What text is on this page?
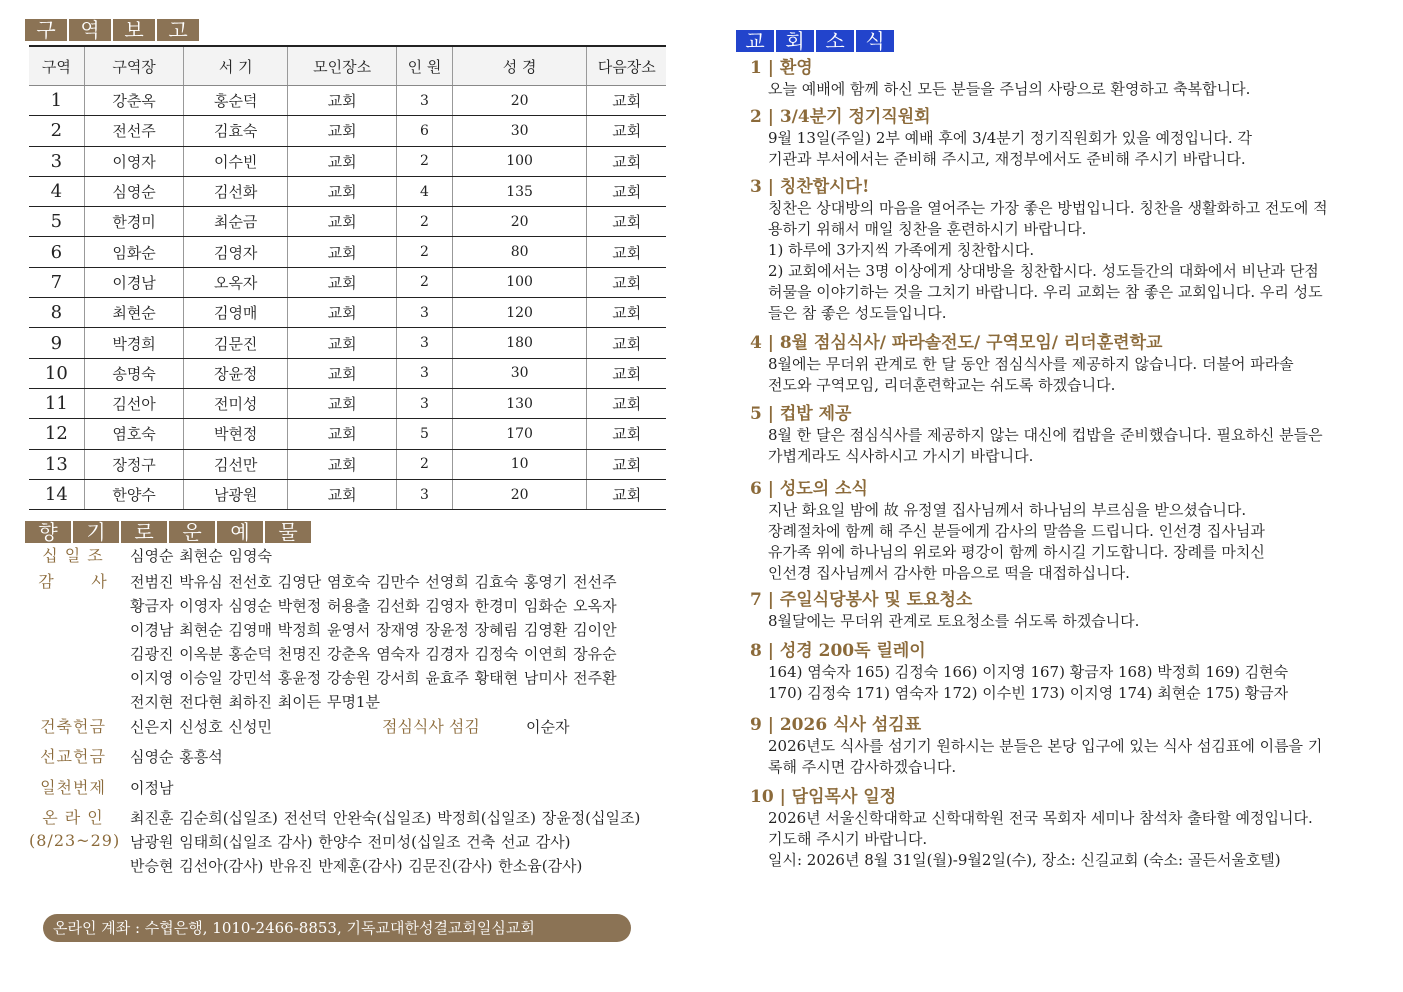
구	역	보	고
구역	구역장	서 기	모인장소	인 원	성 경	다음장소
1	강춘옥	홍순덕	교회	3	20	교회
2	전선주	김효숙	교회	6	30	교회
3	이영자	이수빈	교회	2	100	교회
4	심영순	김선화	교회	4	135	교회
5	한경미	최순금	교회	2	20	교회
6	임화순	김영자	교회	2	80	교회
7	이경남	오옥자	교회	2	100	교회
8	최현순	김영매	교회	3	120	교회
9	박경희	김문진	교회	3	180	교회
10	송명숙	장윤정	교회	3	30	교회
11	김선아	전미성	교회	3	130	교회
12	염호숙	박현정	교회	5	170	교회
13	장정구	김선만	교회	2	10	교회
14	한양수	남광원	교회	3	20	교회
향	기	로	운	예	물
십 일 조	심영순 최현순 임영숙
감      사	전범진 박유심 전선호 김영단 염호숙 김만수 선영희 김효숙 홍영기 전선주
황금자 이영자 심영순 박현정 허용출 김선화 김영자 한경미 임화순 오옥자
이경남 최현순 김영매 박정희 윤영서 장재영 장윤정 장혜림 김영환 김이안
김광진 이옥분 홍순덕 천명진 강춘옥 염숙자 김경자 김정숙 이연희 장유순
이지영 이승일 강민석 홍윤정 강송원 강서희 윤효주 황태현 남미사 전주환
전지현 전다현 최하진 최이든 무명1분
건축헌금	신은지 신성호 신성민	점심식사 섬김	이순자
선교헌금	심영순 홍흥석
일천번제	이정남
온 라 인
(8/23~29)
최진훈 김순희(십일조) 전선덕 안완숙(십일조) 박정희(십일조) 장윤정(십일조)
남광원 임태희(십일조 감사) 한양수 전미성(십일조 건축 선교 감사)
반승현 김선아(감사) 반유진 반제훈(감사) 김문진(감사) 한소윰(감사)
온라인 계좌 : 수협은행, 1010-2466-8853, 기독교대한성결교회일심교회
교	회	소	식
1 | 환영

오늘 예배에 함께 하신 모든 분들을 주님의 사랑으로 환영하고 축복합니다.

2 | 3/4분기 정기직원회

9월 13일(주일) 2부 예배 후에 3/4분기 정기직원회가 있을 예정입니다. 각

기관과 부서에서는 준비해 주시고, 재정부에서도 준비해 주시기 바랍니다.

3 | 칭찬합시다!

칭찬은 상대방의 마음을 열어주는 가장 좋은 방법입니다. 칭찬을 생활화하고 전도에 적

용하기 위해서 매일 칭찬을 훈련하시기 바랍니다.

1) 하루에 3가지씩 가족에게 칭찬합시다.

2) 교회에서는 3명 이상에게 상대방을 칭찬합시다. 성도들간의 대화에서 비난과 단점

허물을 이야기하는 것을 그치기 바랍니다. 우리 교회는 참 좋은 교회입니다. 우리 성도

들은 참 좋은 성도들입니다.

4 | 8월 점심식사/ 파라솔전도/ 구역모임/ 리더훈련학교

8월에는 무더위 관계로 한 달 동안 점심식사를 제공하지 않습니다. 더불어 파라솔

전도와 구역모임, 리더훈련학교는 쉬도록 하겠습니다.

5 | 컵밥 제공

8월 한 달은 점심식사를 제공하지 않는 대신에 컵밥을 준비했습니다. 필요하신 분들은

가볍게라도 식사하시고 가시기 바랍니다.

6 | 성도의 소식

지난 화요일 밤에 故 유정열 집사님께서 하나님의 부르심을 받으셨습니다.

장례절차에 함께 해 주신 분들에게 감사의 말씀을 드립니다. 인선경 집사님과

유가족 위에 하나님의 위로와 평강이 함께 하시길 기도합니다. 장례를 마치신

인선경 집사님께서 감사한 마음으로 떡을 대접하십니다.

7 | 주일식당봉사 및 토요청소

8월달에는 무더위 관계로 토요청소를 쉬도록 하겠습니다.

8 | 성경 200독 릴레이

164) 염숙자 165) 김정숙 166) 이지영 167) 황금자 168) 박정희 169) 김현숙

170) 김정숙 171) 염숙자 172) 이수빈 173) 이지영 174) 최현순 175) 황금자

9 | 2026 식사 섬김표

2026년도 식사를 섬기기 원하시는 분들은 본당 입구에 있는 식사 섬김표에 이름을 기

록해 주시면 감사하겠습니다.

10 | 담임목사 일정

2026년 서울신학대학교 신학대학원 전국 목회자 세미나 참석차 출타할 예정입니다.

기도해 주시기 바랍니다.

일시: 2026년 8월 31일(월)-9월2일(수), 장소: 신길교회 (숙소: 골든서울호텔)
